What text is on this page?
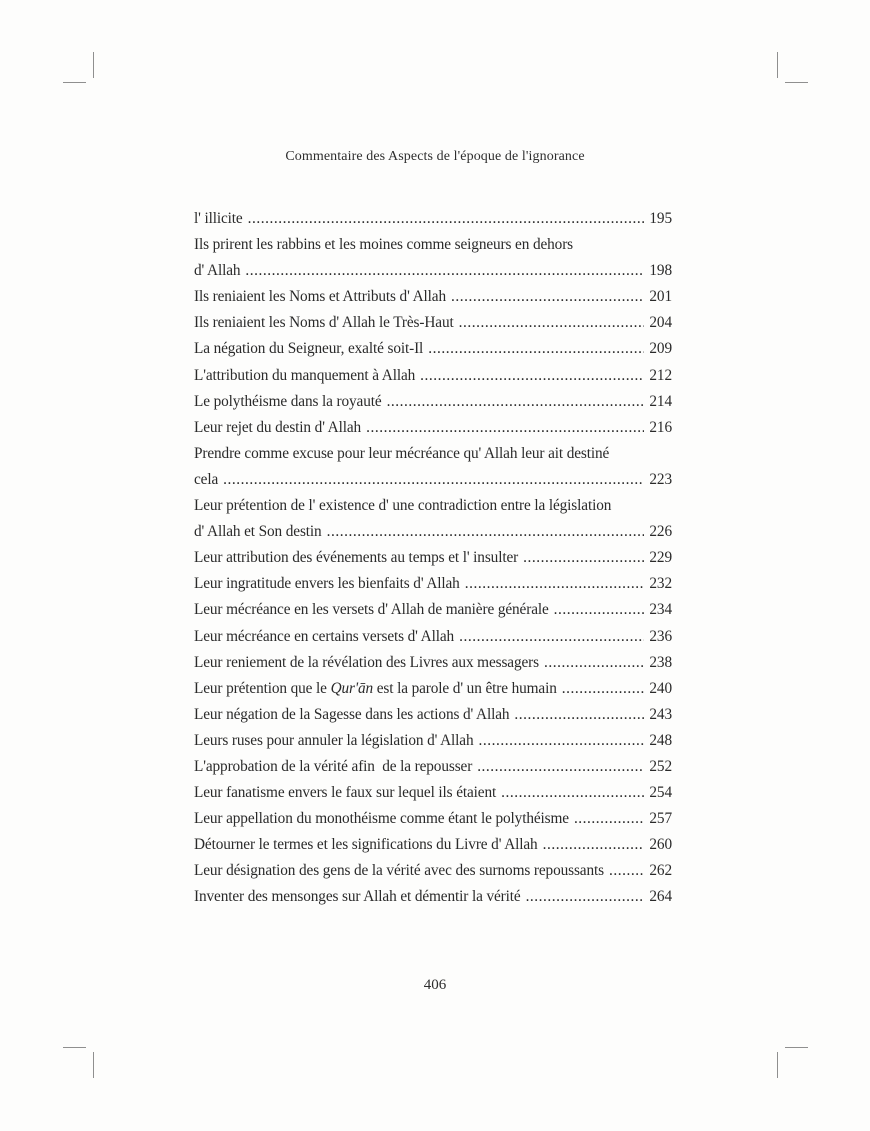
Commentaire des Aspects de l'époque de l'ignorance
l' illicite .....	195
Ils prirent les rabbins et les moines comme seigneurs en dehors
d' Allah .....	198
Ils reniaient les Noms et Attributs d' Allah .....	201
Ils reniaient les Noms d' Allah le Très-Haut .....	204
La négation du Seigneur, exalté soit-Il .....	209
L'attribution du manquement à Allah .....	212
Le polythéisme dans la royauté .....	214
Leur rejet du destin d' Allah .....	216
Prendre comme excuse pour leur mécréance qu' Allah leur ait destiné
cela .....	223
Leur prétention de l' existence d' une contradiction entre la législation
d' Allah et Son destin .....	226
Leur attribution des événements au temps et l' insulter .....	229
Leur ingratitude envers les bienfaits d' Allah .....	232
Leur mécréance en les versets d' Allah de manière générale .....	234
Leur mécréance en certains versets d' Allah .....	236
Leur reniement de la révélation des Livres aux messagers .....	238
Leur prétention que le Qur'ān est la parole d' un être humain .....	240
Leur négation de la Sagesse dans les actions d' Allah .....	243
Leurs ruses pour annuler la législation d' Allah .....	248
L'approbation de la vérité afin  de la repousser .....	252
Leur fanatisme envers le faux sur lequel ils étaient .....	254
Leur appellation du monothéisme comme étant le polythéisme .....	257
Détourner le termes et les significations du Livre d' Allah .....	260
Leur désignation des gens de la vérité avec des surnoms repoussants .....	262
Inventer des mensonges sur Allah et démentir la vérité .....	264
406
